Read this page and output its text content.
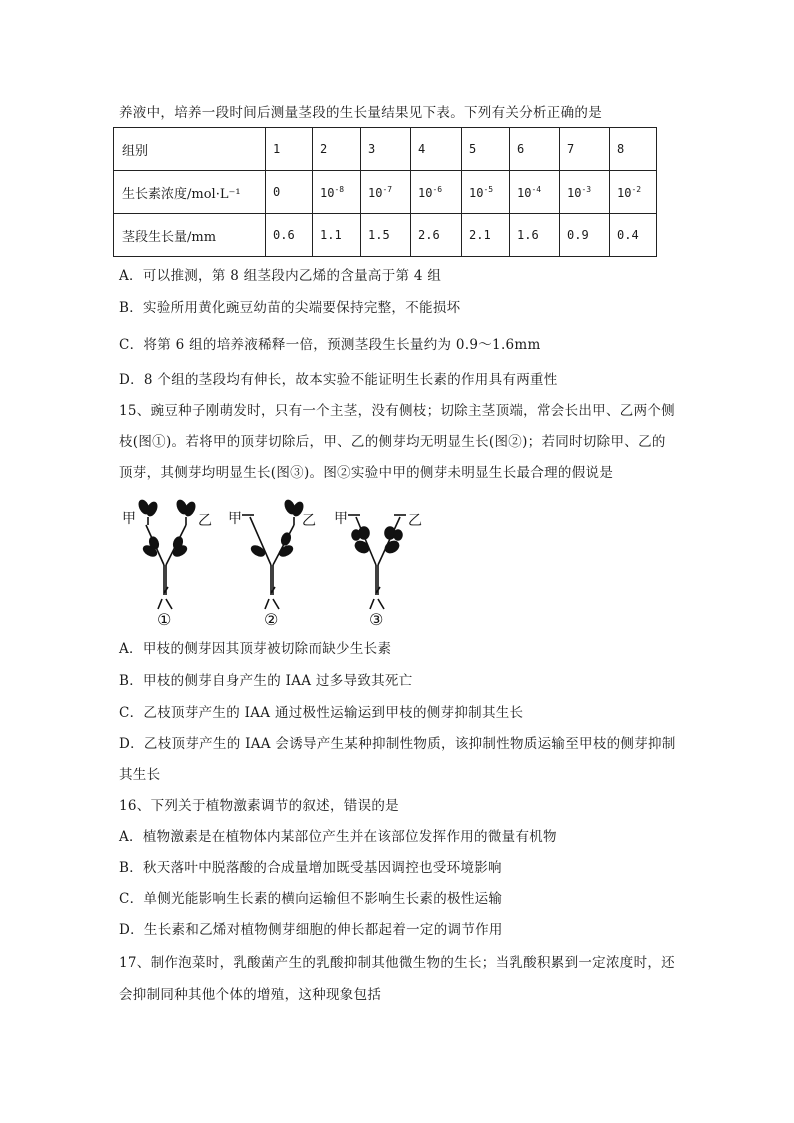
养液中，培养一段时间后测量茎段的生长量结果见下表。下列有关分析正确的是
组别	1	2	3	4	5	6	7	8
生长素浓度/mol·L⁻¹	0	$10^{-8}$	$10^{-7}$	$10^{-6}$	$10^{-5}$	$10^{-4}$	$10^{-3}$	$10^{-2}$
茎段生长量/mm	0.6	1.1	1.5	2.6	2.1	1.6	0.9	0.4
A．可以推测，第 8 组茎段内乙烯的含量高于第 4 组
B．实验所用黄化豌豆幼苗的尖端要保持完整，不能损坏
C．将第 6 组的培养液稀释一倍，预测茎段生长量约为 0.9～1.6mm
D．8 个组的茎段均有伸长，故本实验不能证明生长素的作用具有两重性
15、豌豆种子刚萌发时，只有一个主茎，没有侧枝；切除主茎顶端，常会长出甲、乙两个侧
枝(图①)。若将甲的顶芽切除后，甲、乙的侧芽均无明显生长(图②)；若同时切除甲、乙的
顶芽，其侧芽均明显生长(图③)。图②实验中甲的侧芽未明显生长最合理的假说是
甲	乙 甲	乙 甲	乙
①	②	③
A．甲枝的侧芽因其顶芽被切除而缺少生长素
B．甲枝的侧芽自身产生的 IAA 过多导致其死亡
C．乙枝顶芽产生的 IAA 通过极性运输运到甲枝的侧芽抑制其生长
D．乙枝顶芽产生的 IAA 会诱导产生某种抑制性物质，该抑制性物质运输至甲枝的侧芽抑制
其生长
16、下列关于植物激素调节的叙述，错误的是
A．植物激素是在植物体内某部位产生并在该部位发挥作用的微量有机物
B．秋天落叶中脱落酸的合成量增加既受基因调控也受环境影响
C．单侧光能影响生长素的横向运输但不影响生长素的极性运输
D．生长素和乙烯对植物侧芽细胞的伸长都起着一定的调节作用
17、制作泡菜时，乳酸菌产生的乳酸抑制其他微生物的生长；当乳酸积累到一定浓度时，还
会抑制同种其他个体的增殖，这种现象包括
